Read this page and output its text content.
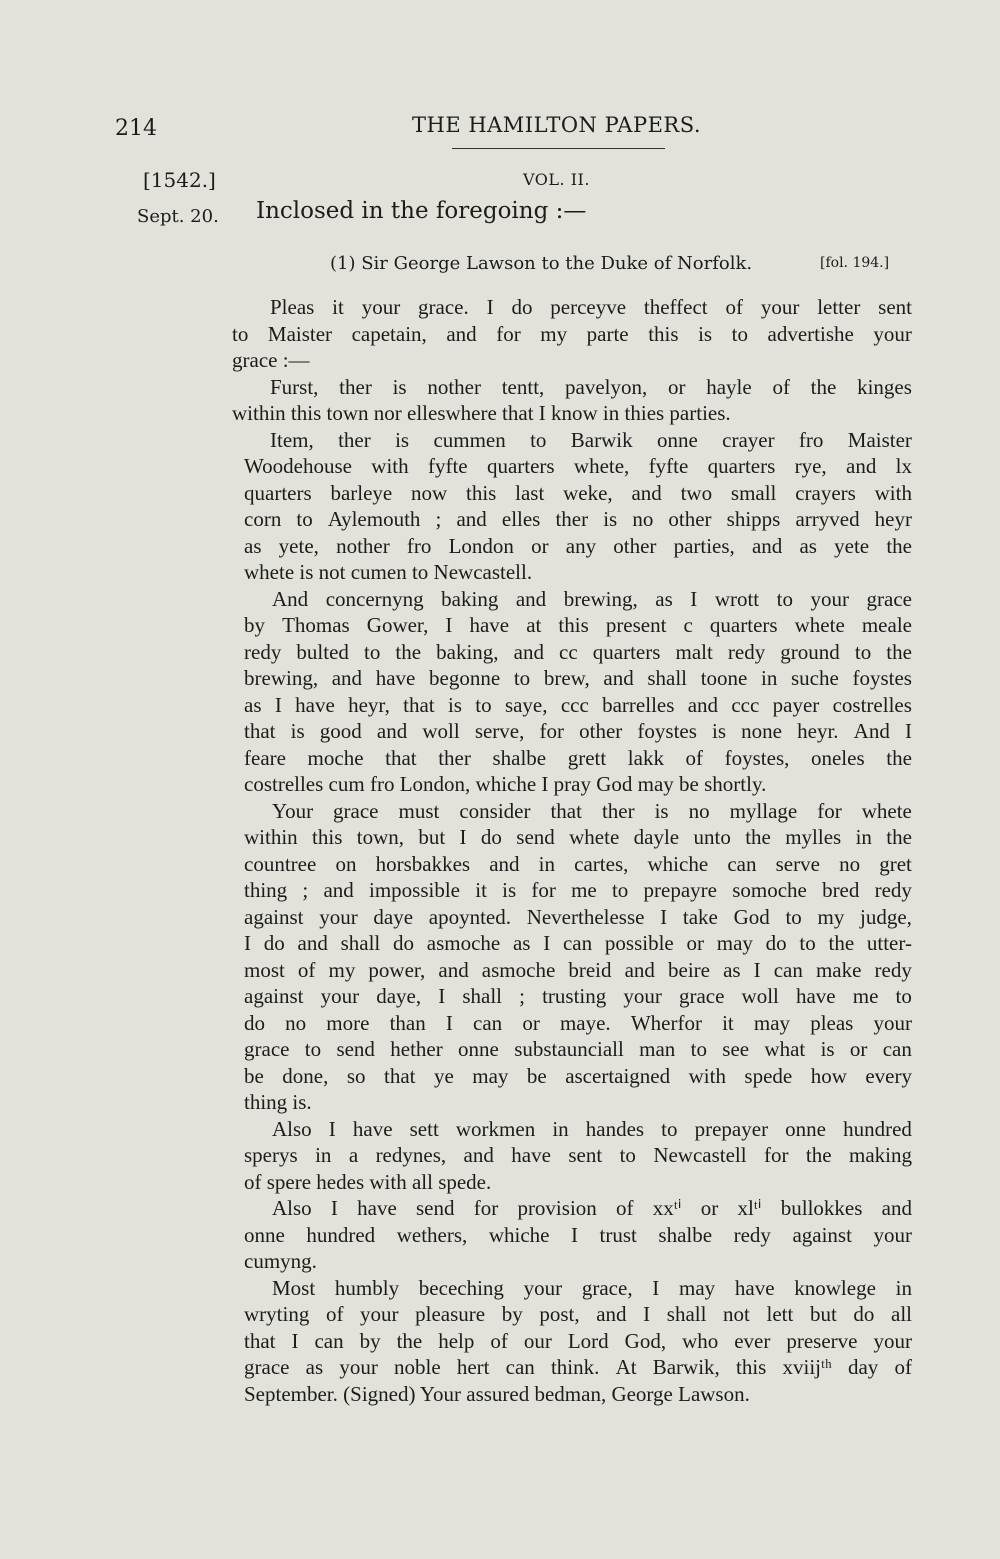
214	THE HAMILTON PAPERS.
[1542.]	VOL. II.
Sept. 20. Inclosed in the foregoing :—
(1) Sir George Lawson to the Duke of Norfolk.	[fol. 194.]
Pleas it your grace. I do perceyve theffect of your letter sent
to Maister capetain, and for my parte this is to advertishe your
grace :—
Furst, ther is nother tentt, pavelyon, or hayle of the kinges
within this town nor elleswhere that I know in thies parties.
Item, ther is cummen to Barwik onne crayer fro Maister
Woodehouse with fyfte quarters whete, fyfte quarters rye, and lx
quarters barleye now this last weke, and two small crayers with
corn to Aylemouth ; and elles ther is no other shipps arryved heyr
as yete, nother fro London or any other parties, and as yete the
whete is not cumen to Newcastell.
And concernyng baking and brewing, as I wrott to your grace
by Thomas Gower, I have at this present c quarters whete meale
redy bulted to the baking, and cc quarters malt redy ground to the
brewing, and have begonne to brew, and shall toone in suche foystes
as I have heyr, that is to saye, ccc barrelles and ccc payer costrelles
that is good and woll serve, for other foystes is none heyr. And I
feare moche that ther shalbe grett lakk of foystes, oneles the
costrelles cum fro London, whiche I pray God may be shortly.
Your grace must consider that ther is no myllage for whete
within this town, but I do send whete dayle unto the mylles in the
countree on horsbakkes and in cartes, whiche can serve no gret
thing ; and impossible it is for me to prepayre somoche bred redy
against your daye apoynted. Neverthelesse I take God to my judge,
I do and shall do asmoche as I can possible or may do to the utter-
most of my power, and asmoche breid and beire as I can make redy
against your daye, I shall ; trusting your grace woll have me to
do no more than I can or maye. Wherfor it may pleas your
grace to send hether onne substaunciall man to see what is or can
be done, so that ye may be ascertaigned with spede how every
thing is.
Also I have sett workmen in handes to prepayer onne hundred
sperys in a redynes, and have sent to Newcastell for the making
of spere hedes with all spede.
Also I have send for provision of xxᵗⁱ or xlᵗⁱ bullokkes and
onne hundred wethers, whiche I trust shalbe redy against your
cumyng.
Most humbly beceching your grace, I may have knowlege in
wryting of your pleasure by post, and I shall not lett but do all
that I can by the help of our Lord God, who ever preserve your
grace as your noble hert can think. At Barwik, this xviijᵗʰ day of
September. (Signed) Your assured bedman, George Lawson.
